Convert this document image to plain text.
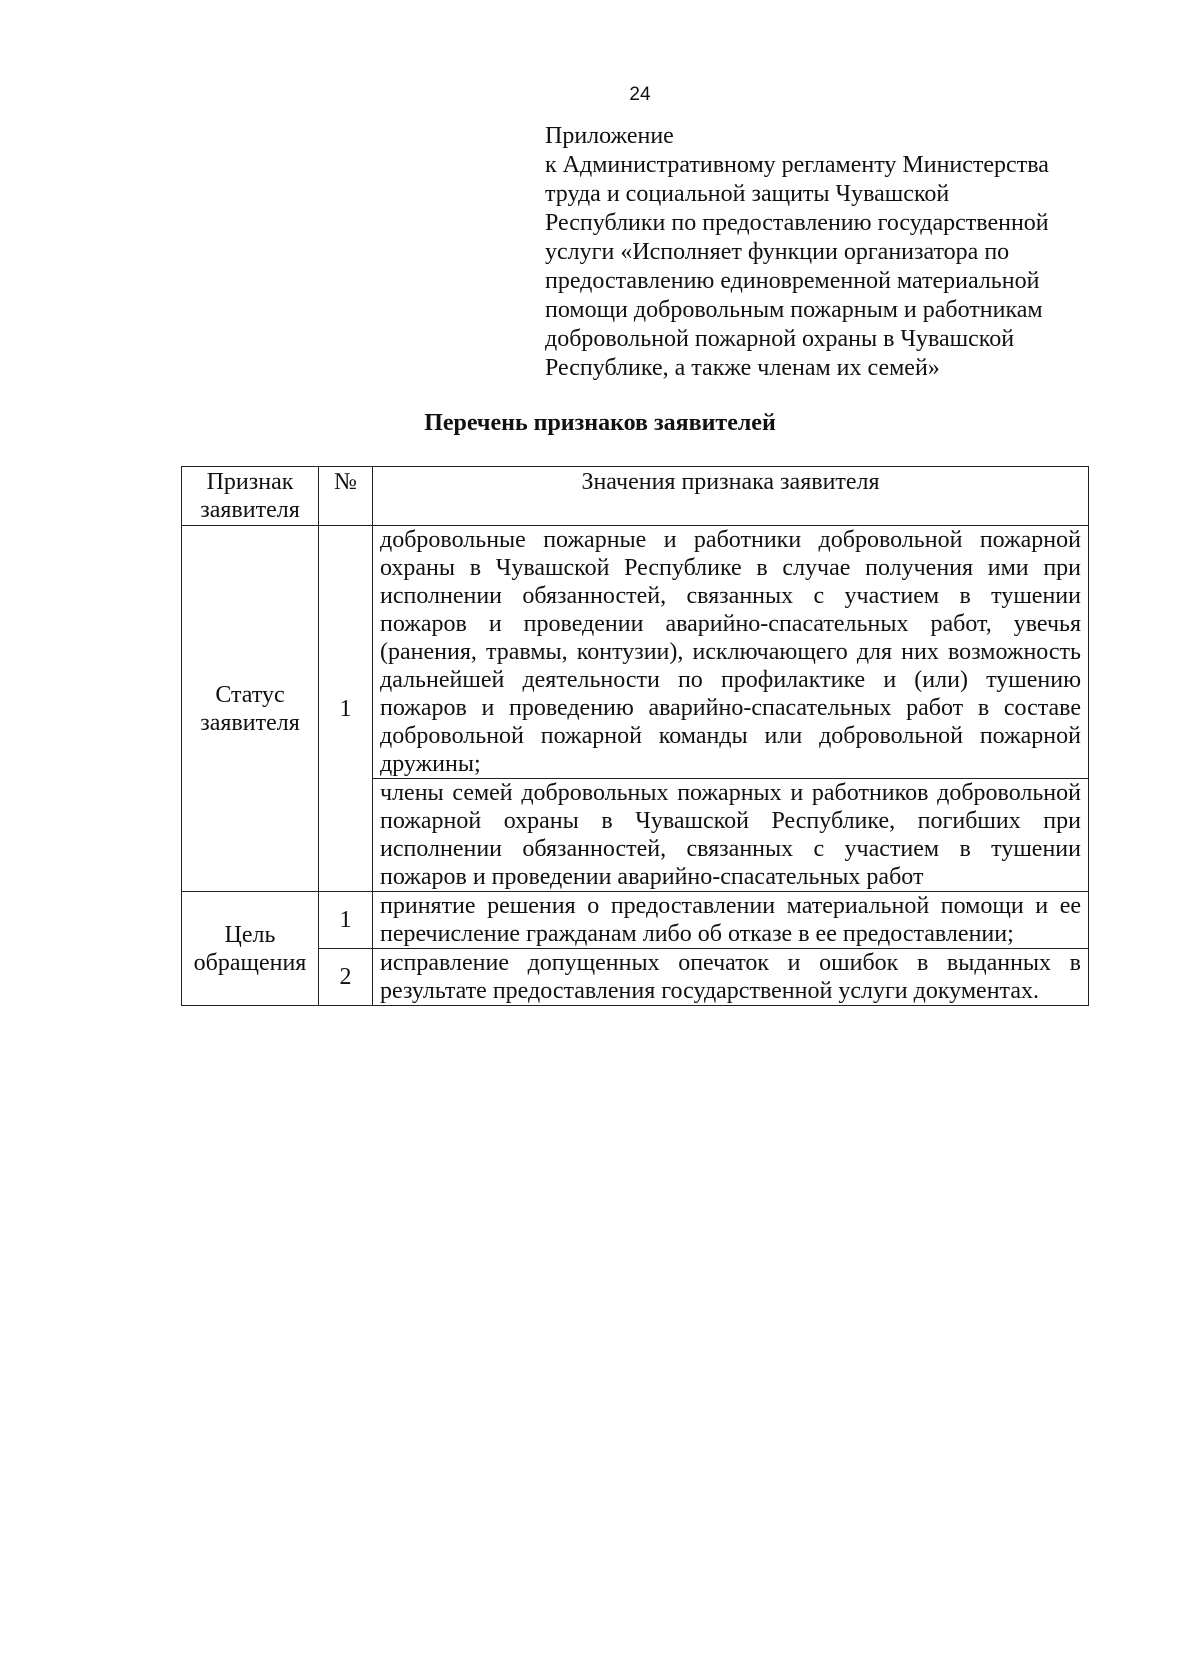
24
Приложение
к Административному регламенту Министерства
труда и социальной защиты Чувашской
Республики по предоставлению государственной
услуги «Исполняет функции организатора по
предоставлению единовременной материальной
помощи добровольным пожарным и работникам
добровольной пожарной охраны в Чувашской
Республике, а также членам их семей»
Перечень признаков заявителей
Признак заявителя	№	Значения признака заявителя
Статус заявителя	1	добровольные пожарные и работники добровольной пожарной охраны в Чувашской Республике в случае получения ими при исполнении обязанностей, связанных с участием в тушении пожаров и проведении аварийно-спасательных работ, увечья (ранения, травмы, контузии), исключающего для них возможность дальнейшей деятельности по профилактике и (или) тушению пожаров и проведению аварийно-спасательных работ в составе добровольной пожарной команды или добровольной пожарной дружины;
		члены семей добровольных пожарных и работников добровольной пожарной охраны в Чувашской Республике, погибших при исполнении обязанностей, связанных с участием в тушении пожаров и проведении аварийно-спасательных работ
Цель обращения	1	принятие решения о предоставлении материальной помощи и ее перечисление гражданам либо об отказе в ее предоставлении;
	2	исправление допущенных опечаток и ошибок в выданных в результате предоставления государственной услуги документах.
